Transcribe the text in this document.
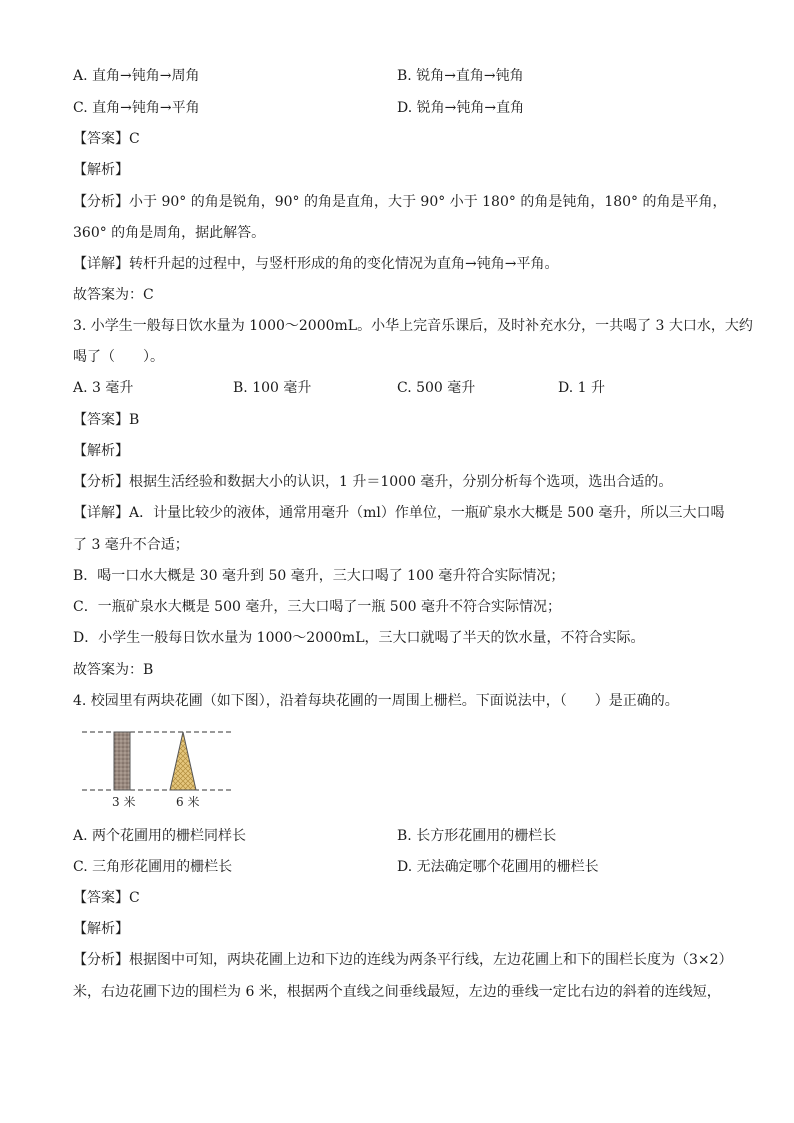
A. 直角→钝角→周角	B. 锐角→直角→钝角
C. 直角→钝角→平角	D. 锐角→钝角→直角
【答案】C
【解析】
【分析】小于 90° 的角是锐角，90° 的角是直角，大于 90° 小于 180° 的角是钝角，180° 的角是平角，
360° 的角是周角，据此解答。
【详解】转杆升起的过程中，与竖杆形成的角的变化情况为直角→钝角→平角。
故答案为：C
3. 小学生一般每日饮水量为 1000～2000mL。小华上完音乐课后，及时补充水分，一共喝了 3 大口水，大约
喝了（　　）。
A. 3 毫升	B. 100 毫升	C. 500 毫升	D. 1 升
【答案】B
【解析】
【分析】根据生活经验和数据大小的认识，1 升＝1000 毫升，分别分析每个选项，选出合适的。
【详解】A．计量比较少的液体，通常用毫升（ml）作单位，一瓶矿泉水大概是 500 毫升，所以三大口喝
了 3 毫升不合适；
B．喝一口水大概是 30 毫升到 50 毫升，三大口喝了 100 毫升符合实际情况；
C．一瓶矿泉水大概是 500 毫升，三大口喝了一瓶 500 毫升不符合实际情况；
D．小学生一般每日饮水量为 1000～2000mL，三大口就喝了半天的饮水量，不符合实际。
故答案为：B
4. 校园里有两块花圃（如下图），沿着每块花圃的一周围上栅栏。下面说法中，（　　）是正确的。
3 米	6 米
A. 两个花圃用的栅栏同样长	B. 长方形花圃用的栅栏长
C. 三角形花圃用的栅栏长	D. 无法确定哪个花圃用的栅栏长
【答案】C
【解析】
【分析】根据图中可知，两块花圃上边和下边的连线为两条平行线，左边花圃上和下的围栏长度为（3×2）
米，右边花圃下边的围栏为 6 米，根据两个直线之间垂线最短，左边的垂线一定比右边的斜着的连线短，
